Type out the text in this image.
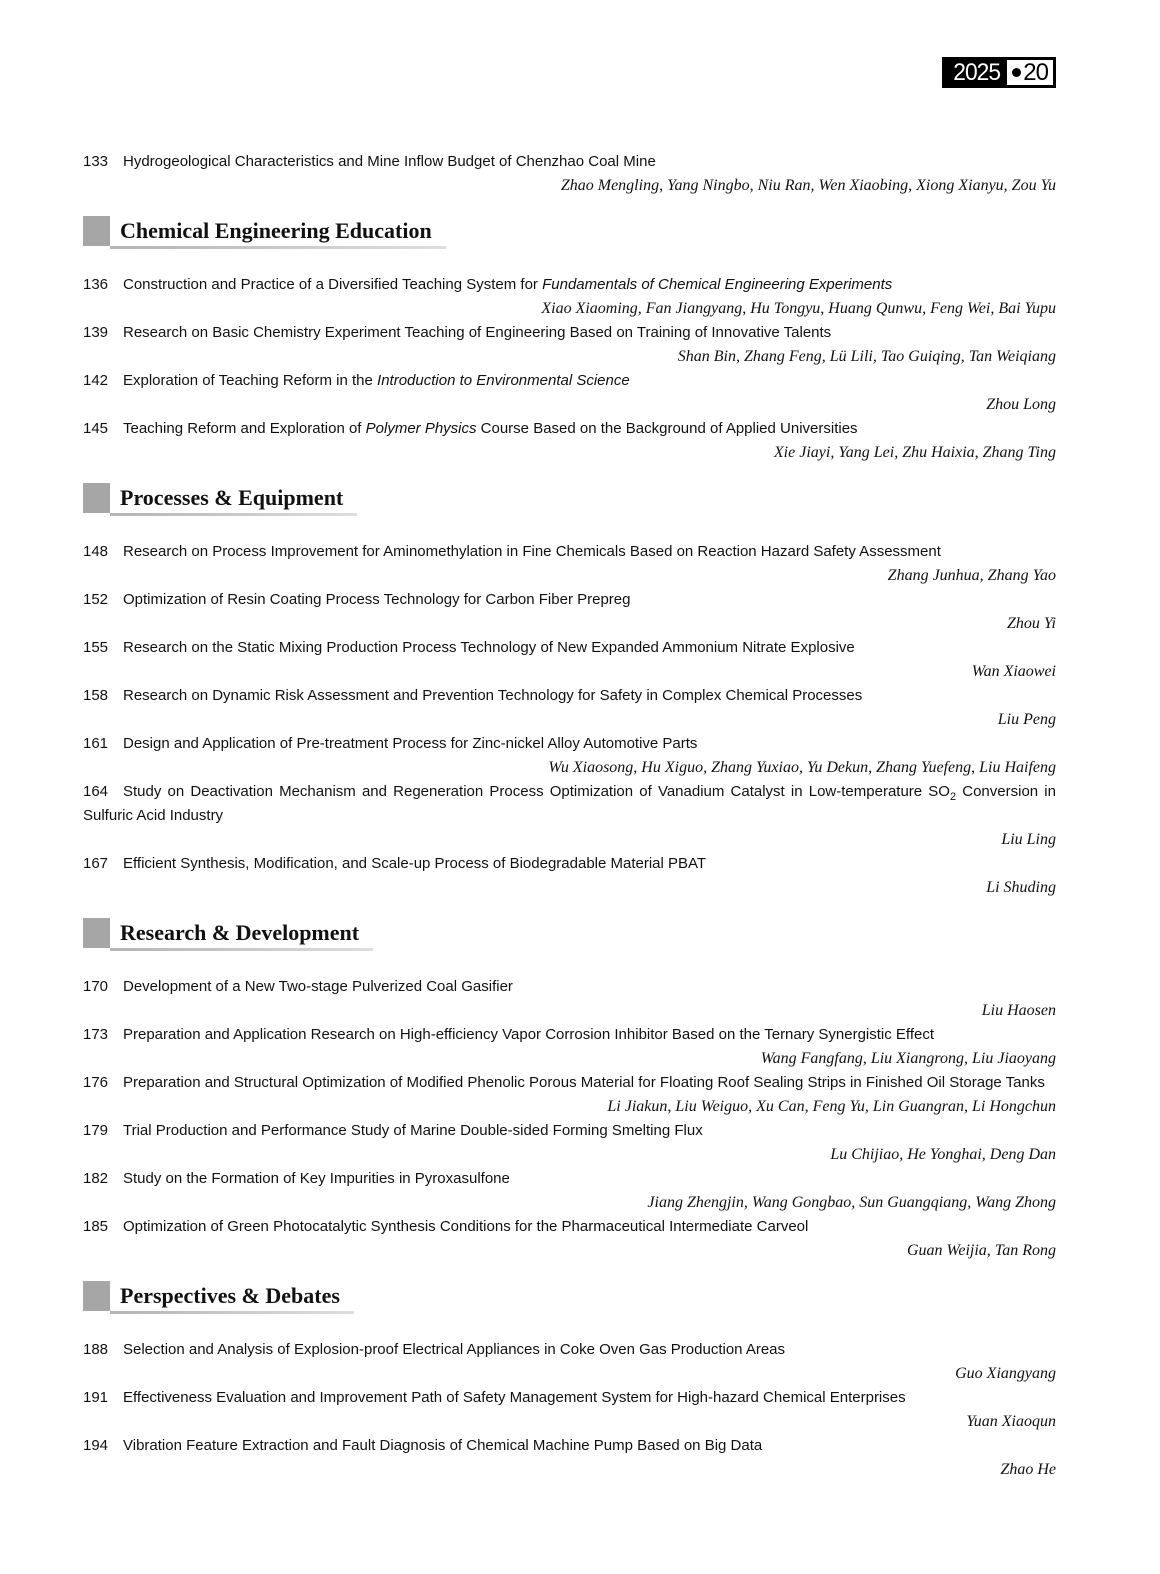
2025 20

133 Hydrogeological Characteristics and Mine Inflow Budget of Chenzhao Coal Mine

Zhao Mengling, Yang Ningbo, Niu Ran, Wen Xiaobing, Xiong Xianyu, Zou Yu

Chemical Engineering Education

136 Construction and Practice of a Diversified Teaching System for Fundamentals of Chemical Engineering Experiments

Xiao Xiaoming, Fan Jiangyang, Hu Tongyu, Huang Qunwu, Feng Wei, Bai Yupu

139 Research on Basic Chemistry Experiment Teaching of Engineering Based on Training of Innovative Talents

Shan Bin, Zhang Feng, Lü Lili, Tao Guiqing, Tan Weiqiang

142 Exploration of Teaching Reform in the Introduction to Environmental Science

Zhou Long

145 Teaching Reform and Exploration of Polymer Physics Course Based on the Background of Applied Universities

Xie Jiayi, Yang Lei, Zhu Haixia, Zhang Ting

Processes & Equipment

148 Research on Process Improvement for Aminomethylation in Fine Chemicals Based on Reaction Hazard Safety Assessment

Zhang Junhua, Zhang Yao

152 Optimization of Resin Coating Process Technology for Carbon Fiber Prepreg

Zhou Yi

155 Research on the Static Mixing Production Process Technology of New Expanded Ammonium Nitrate Explosive

Wan Xiaowei

158 Research on Dynamic Risk Assessment and Prevention Technology for Safety in Complex Chemical Processes

Liu Peng

161 Design and Application of Pre-treatment Process for Zinc-nickel Alloy Automotive Parts

Wu Xiaosong, Hu Xiguo, Zhang Yuxiao, Yu Dekun, Zhang Yuefeng, Liu Haifeng

164 Study on Deactivation Mechanism and Regeneration Process Optimization of Vanadium Catalyst in Low-temperature $SO_2$ Conversion in Sulfuric Acid Industry

Liu Ling

167 Efficient Synthesis, Modification, and Scale-up Process of Biodegradable Material PBAT

Li Shuding

Research & Development

170 Development of a New Two-stage Pulverized Coal Gasifier

Liu Haosen

173 Preparation and Application Research on High-efficiency Vapor Corrosion Inhibitor Based on the Ternary Synergistic Effect

Wang Fangfang, Liu Xiangrong, Liu Jiaoyang

176 Preparation and Structural Optimization of Modified Phenolic Porous Material for Floating Roof Sealing Strips in Finished Oil Storage Tanks

Li Jiakun, Liu Weiguo, Xu Can, Feng Yu, Lin Guangran, Li Hongchun

179 Trial Production and Performance Study of Marine Double-sided Forming Smelting Flux

Lu Chijiao, He Yonghai, Deng Dan

182 Study on the Formation of Key Impurities in Pyroxasulfone

Jiang Zhengjin, Wang Gongbao, Sun Guangqiang, Wang Zhong

185 Optimization of Green Photocatalytic Synthesis Conditions for the Pharmaceutical Intermediate Carveol

Guan Weijia, Tan Rong

Perspectives & Debates

188 Selection and Analysis of Explosion-proof Electrical Appliances in Coke Oven Gas Production Areas

Guo Xiangyang

191 Effectiveness Evaluation and Improvement Path of Safety Management System for High-hazard Chemical Enterprises

Yuan Xiaoqun

194 Vibration Feature Extraction and Fault Diagnosis of Chemical Machine Pump Based on Big Data

Zhao He
